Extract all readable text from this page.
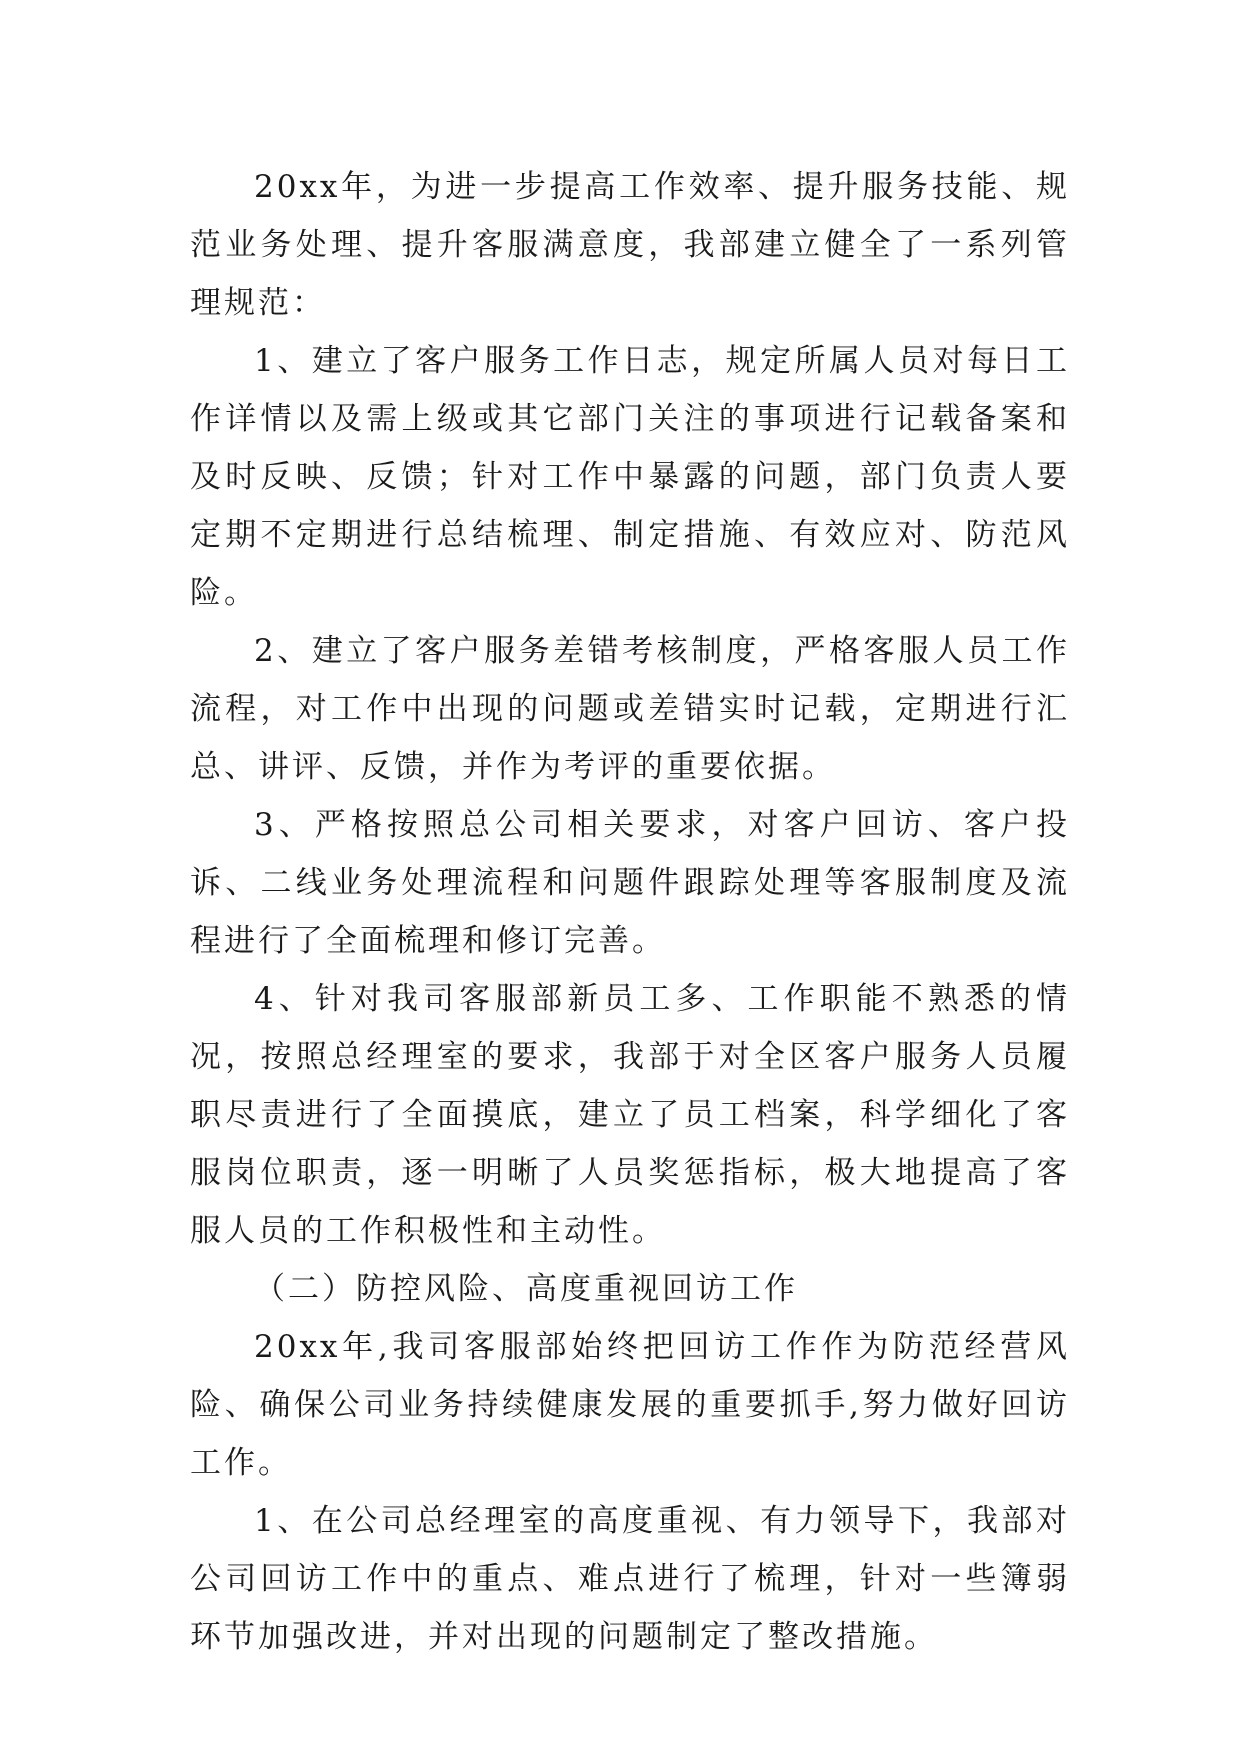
20xx年，为进一步提高工作效率、提升服务技能、规范业务处理、提升客服满意度，我部建立健全了一系列管理规范：

1、建立了客户服务工作日志，规定所属人员对每日工作详情以及需上级或其它部门关注的事项进行记载备案和及时反映、反馈；针对工作中暴露的问题，部门负责人要定期不定期进行总结梳理、制定措施、有效应对、防范风险。

2、建立了客户服务差错考核制度，严格客服人员工作流程，对工作中出现的问题或差错实时记载，定期进行汇总、讲评、反馈，并作为考评的重要依据。

3、严格按照总公司相关要求，对客户回访、客户投诉、二线业务处理流程和问题件跟踪处理等客服制度及流程进行了全面梳理和修订完善。

4、针对我司客服部新员工多、工作职能不熟悉的情况，按照总经理室的要求，我部于对全区客户服务人员履职尽责进行了全面摸底，建立了员工档案，科学细化了客服岗位职责，逐一明晰了人员奖惩指标，极大地提高了客服人员的工作积极性和主动性。

（二）防控风险、高度重视回访工作

20xx年,我司客服部始终把回访工作作为防范经营风险、确保公司业务持续健康发展的重要抓手,努力做好回访工作。

1、在公司总经理室的高度重视、有力领导下，我部对公司回访工作中的重点、难点进行了梳理，针对一些簿弱环节加强改进，并对出现的问题制定了整改措施。
